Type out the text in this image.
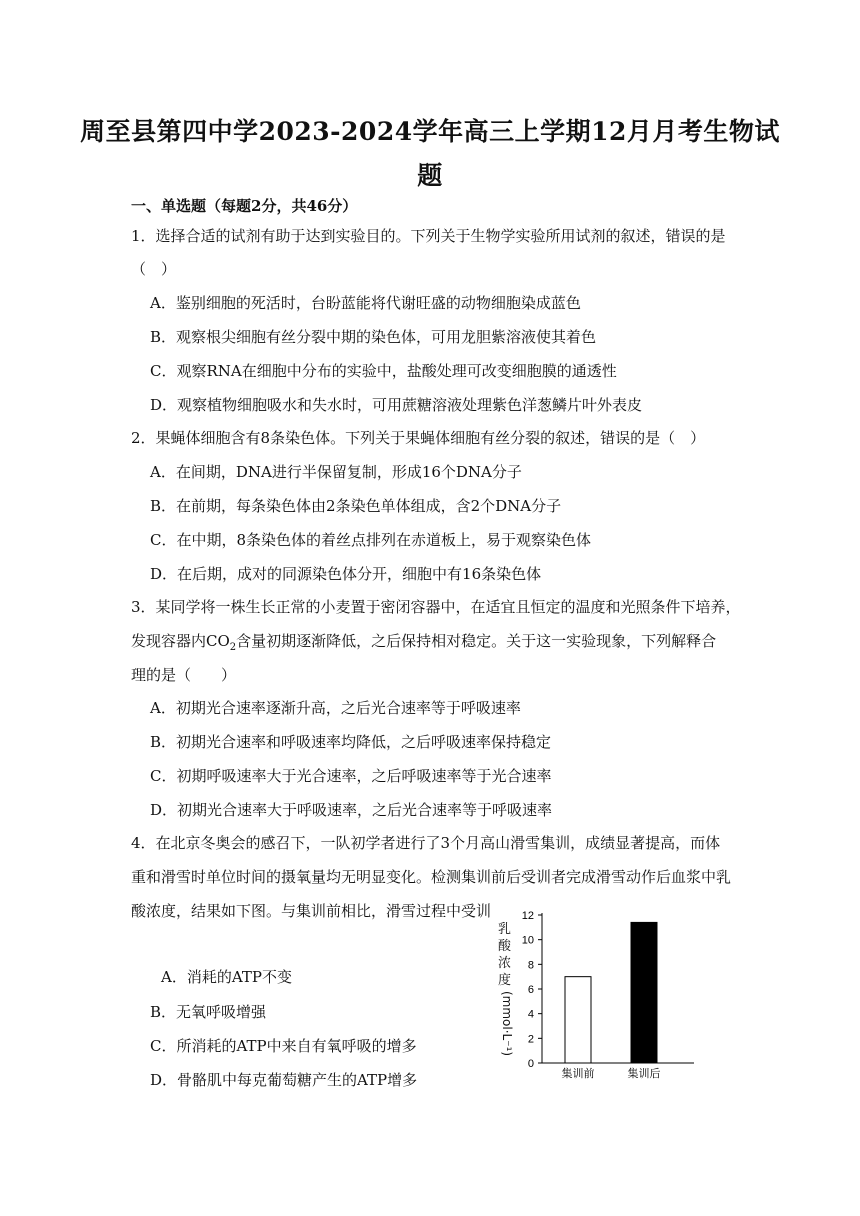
周至县第四中学2023-2024学年高三上学期12月月考生物试
题
一、单选题（每题2分，共46分）
1．选择合适的试剂有助于达到实验目的。下列关于生物学实验所用试剂的叙述，错误的是
（　）
A．鉴别细胞的死活时，台盼蓝能将代谢旺盛的动物细胞染成蓝色
B．观察根尖细胞有丝分裂中期的染色体，可用龙胆紫溶液使其着色
C．观察RNA在细胞中分布的实验中，盐酸处理可改变细胞膜的通透性
D．观察植物细胞吸水和失水时，可用蔗糖溶液处理紫色洋葱鳞片叶外表皮
2．果蝇体细胞含有8条染色体。下列关于果蝇体细胞有丝分裂的叙述，错误的是（　）
A．在间期，DNA进行半保留复制，形成16个DNA分子
B．在前期，每条染色体由2条染色单体组成，含2个DNA分子
C．在中期，8条染色体的着丝点排列在赤道板上，易于观察染色体
D．在后期，成对的同源染色体分开，细胞中有16条染色体
3．某同学将一株生长正常的小麦置于密闭容器中，在适宜且恒定的温度和光照条件下培养，
发现容器内$CO_2$含量初期逐渐降低，之后保持相对稳定。关于这一实验现象，下列解释合
理的是（　　）
A．初期光合速率逐渐升高，之后光合速率等于呼吸速率
B．初期光合速率和呼吸速率均降低，之后呼吸速率保持稳定
C．初期呼吸速率大于光合速率，之后呼吸速率等于光合速率
D．初期光合速率大于呼吸速率，之后光合速率等于呼吸速率
4．在北京冬奥会的感召下，一队初学者进行了3个月高山滑雪集训，成绩显著提高，而体
重和滑雪时单位时间的摄氧量均无明显变化。检测集训前后受训者完成滑雪动作后血浆中乳
酸浓度，结果如下图。与集训前相比，滑雪过程中受训
A．消耗的ATP不变
B．无氧呼吸增强
C．所消耗的ATP中来自有氧呼吸的增多
D．骨骼肌中每克葡萄糖产生的ATP增多
乳酸浓度
(mmol·L⁻¹)
0
2
4
6
8
10
12
集训前	集训后
